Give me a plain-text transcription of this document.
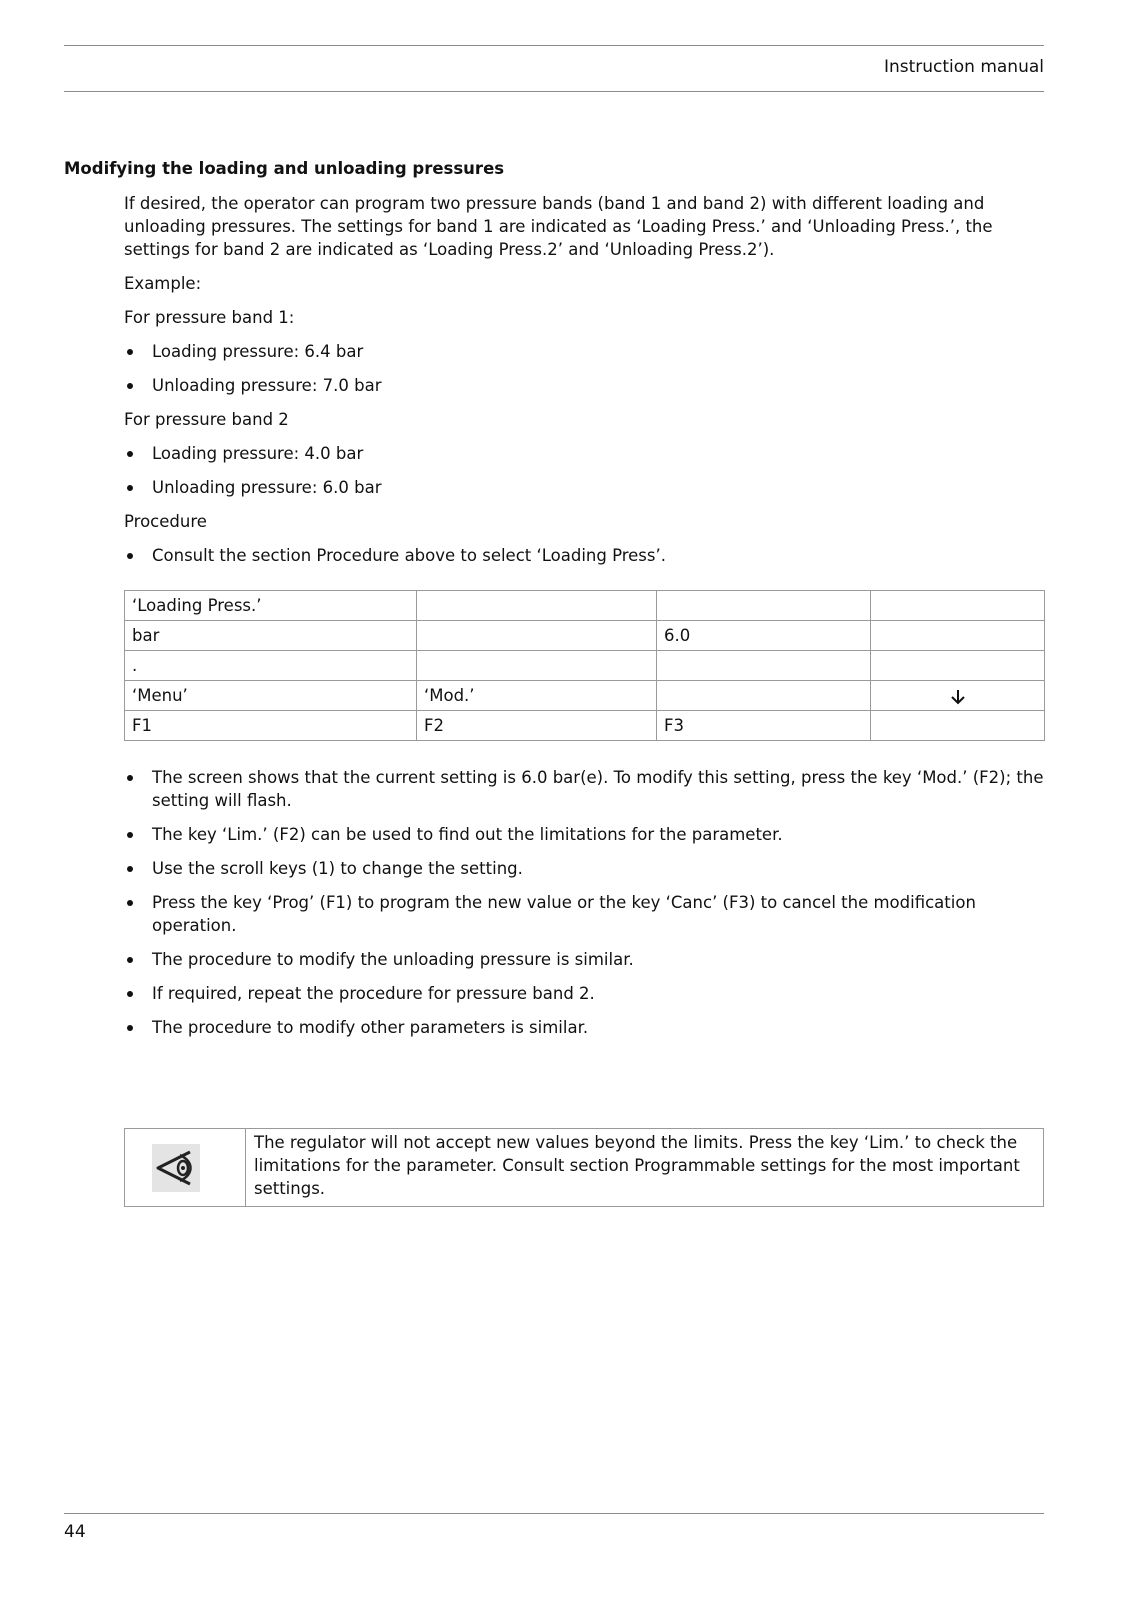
Instruction manual
Modifying the loading and unloading pressures

If desired, the operator can program two pressure bands (band 1 and band 2) with different loading and unloading pressures. The settings for band 1 are indicated as ‘Loading Press.’ and ‘Unloading Press.’, the settings for band 2 are indicated as ‘Loading Press.2’ and ‘Unloading Press.2’).

Example:

For pressure band 1:

Loading pressure: 6.4 bar
Unloading pressure: 7.0 bar

For pressure band 2

Loading pressure: 4.0 bar
Unloading pressure: 6.0 bar

Procedure

Consult the section Procedure above to select ‘Loading Press’.
‘Loading Press.’			
bar		6.0	
.			
‘Menu’	‘Mod.’		
F1	F2	F3	
The screen shows that the current setting is 6.0 bar(e). To modify this setting, press the key ‘Mod.’ (F2); the setting will flash.
The key ‘Lim.’ (F2) can be used to find out the limitations for the parameter.
Use the scroll keys (1) to change the setting.
Press the key ‘Prog’ (F1) to program the new value or the key ‘Canc’ (F3) to cancel the modification operation.
The procedure to modify the unloading pressure is similar.
If required, repeat the procedure for pressure band 2.
The procedure to modify other parameters is similar.
	The regulator will not accept new values beyond the limits. Press the key ‘Lim.’ to check the limitations for the parameter. Consult section Programmable settings for the most important settings.
44
